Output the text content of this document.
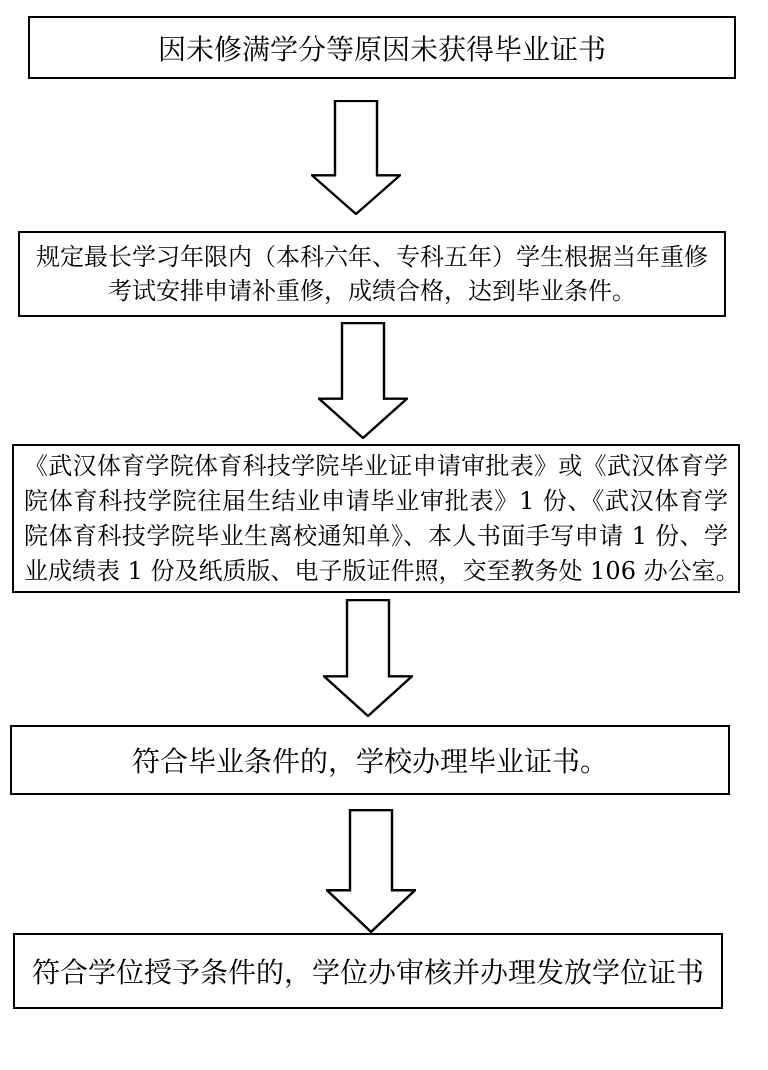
因未修满学分等原因未获得毕业证书
规定最长学习年限内（本科六年、专科五年）学生根据当年重修
考试安排申请补重修，成绩合格，达到毕业条件。
《武汉体育学院体育科技学院毕业证申请审批表》或《武汉体育学
院体育科技学院往届生结业申请毕业审批表》1 份、《武汉体育学
院体育科技学院毕业生离校通知单》、本人书面手写申请 1 份、学
业成绩表 1 份及纸质版、电子版证件照，交至教务处 106 办公室。
符合毕业条件的，学校办理毕业证书。
符合学位授予条件的，学位办审核并办理发放学位证书
